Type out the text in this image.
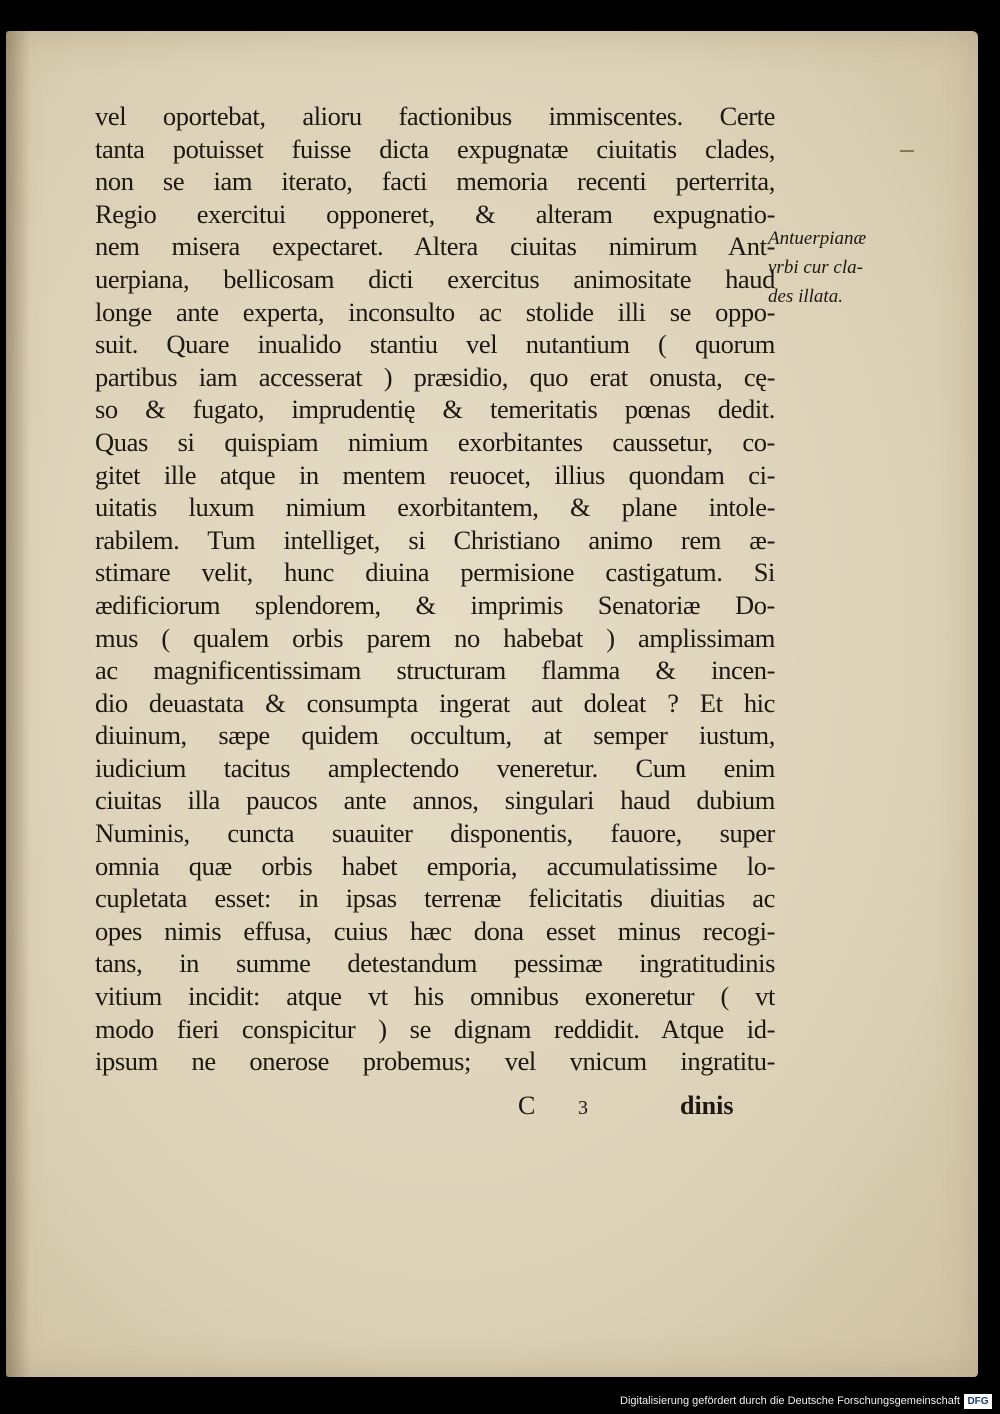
vel oportebat, alioru factionibus immiscentes. Certe
tanta potuisset fuisse dicta expugnatæ ciuitatis clades,
non se iam iterato, facti memoria recenti perterrita,
Regio exercitui opponeret, & alteram expugnatio-
nem misera expectaret. Altera ciuitas nimirum Ant-
uerpiana, bellicosam dicti exercitus animositate haud
longe ante experta, inconsulto ac stolide illi se oppo-
suit. Quare inualido stantiu vel nutantium ( quorum
partibus iam accesserat ) præsidio, quo erat onusta, cę-
so & fugato, imprudentię & temeritatis pœnas dedit.
Quas si quispiam nimium exorbitantes caussetur, co-
gitet ille atque in mentem reuocet, illius quondam ci-
uitatis luxum nimium exorbitantem, & plane intole-
rabilem. Tum intelliget, si Christiano animo rem æ-
stimare velit, hunc diuina permisione castigatum. Si
ædificiorum splendorem, & imprimis Senatoriæ Do-
mus ( qualem orbis parem no habebat ) amplissimam
ac magnificentissimam structuram flamma & incen-
dio deuastata & consumpta ingerat aut doleat ? Et hic
diuinum, sæpe quidem occultum, at semper iustum,
iudicium tacitus amplectendo veneretur. Cum enim
ciuitas illa paucos ante annos, singulari haud dubium
Numinis, cuncta suauiter disponentis, fauore, super
omnia quæ orbis habet emporia, accumulatissime lo-
cupletata esset: in ipsas terrenæ felicitatis diuitias ac
opes nimis effusa, cuius hæc dona esset minus recogi-
tans, in summe detestandum pessimæ ingratitudinis
vitium incidit: atque vt his omnibus exoneretur ( vt
modo fieri conspicitur ) se dignam reddidit. Atque id-
ipsum ne onerose probemus; vel vnicum ingratitu-
Antuerpianæ
vrbi cur cla-
des illata.
C 3	dinis
Digitalisierung gefördert durch die Deutsche Forschungsgemeinschaft DFG
